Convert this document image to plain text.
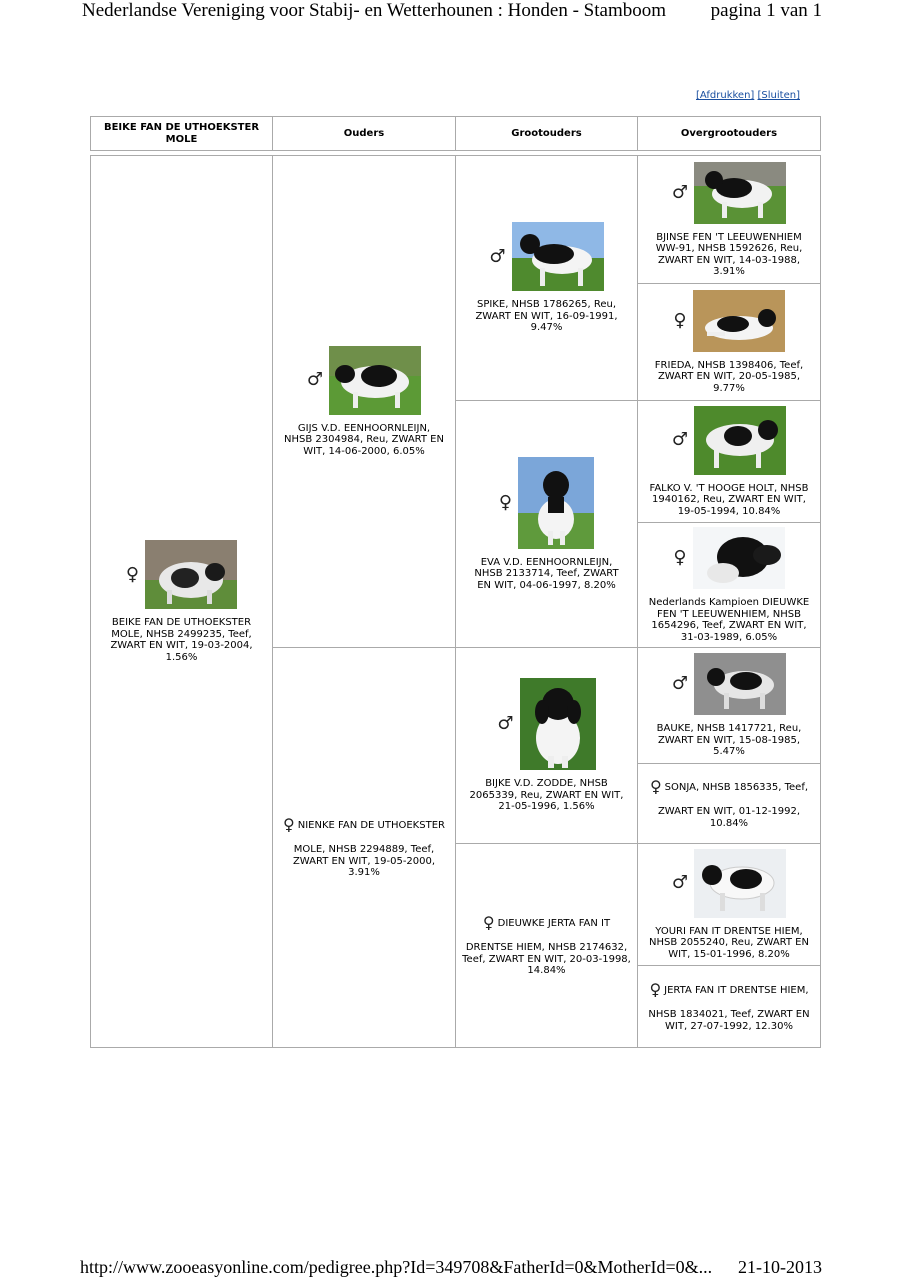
Nederlandse Vereniging voor Stabij- en Wetterhounen : Honden - Stamboom pagina 1 van 1
[Afdrukken] [Sluiten]
BEIKE FAN DE UTHOEKSTER MOLE
Ouders	Grootouders	Overgrootouders
♀
BEIKE FAN DE UTHOEKSTER MOLE, NHSB 2499235, Teef, ZWART EN WIT, 19-03-2004, 1.56%
♂
GIJS V.D. EENHOORNLEIJN, NHSB 2304984, Reu, ZWART EN WIT, 14-06-2000, 6.05%
♀ NIENKE FAN DE UTHOEKSTER
MOLE, NHSB 2294889, Teef, ZWART EN WIT, 19-05-2000, 3.91%
♂
SPIKE, NHSB 1786265, Reu, ZWART EN WIT, 16-09-1991, 9.47%
♀
EVA V.D. EENHOORNLEIJN, NHSB 2133714, Teef, ZWART EN WIT, 04-06-1997, 8.20%
♂
BIJKE V.D. ZODDE, NHSB 2065339, Reu, ZWART EN WIT, 21-05-1996, 1.56%
♀ DIEUWKE JERTA FAN IT
DRENTSE HIEM, NHSB 2174632, Teef, ZWART EN WIT, 20-03-1998, 14.84%
♂
BJINSE FEN 'T LEEUWENHIEM WW-91, NHSB 1592626, Reu, ZWART EN WIT, 14-03-1988, 3.91%
♀
FRIEDA, NHSB 1398406, Teef, ZWART EN WIT, 20-05-1985, 9.77%
♂
FALKO V. 'T HOOGE HOLT, NHSB 1940162, Reu, ZWART EN WIT, 19-05-1994, 10.84%
♀
Nederlands Kampioen DIEUWKE FEN 'T LEEUWENHIEM, NHSB 1654296, Teef, ZWART EN WIT, 31-03-1989, 6.05%
♂
BAUKE, NHSB 1417721, Reu, ZWART EN WIT, 15-08-1985, 5.47%
♀ SONJA, NHSB 1856335, Teef,
ZWART EN WIT, 01-12-1992, 10.84%
♂
YOURI FAN IT DRENTSE HIEM, NHSB 2055240, Reu, ZWART EN WIT, 15-01-1996, 8.20%
♀ JERTA FAN IT DRENTSE HIEM,
NHSB 1834021, Teef, ZWART EN WIT, 27-07-1992, 12.30%
http://www.zooeasyonline.com/pedigree.php?Id=349708&FatherId=0&MotherId=0&... 21-10-2013
